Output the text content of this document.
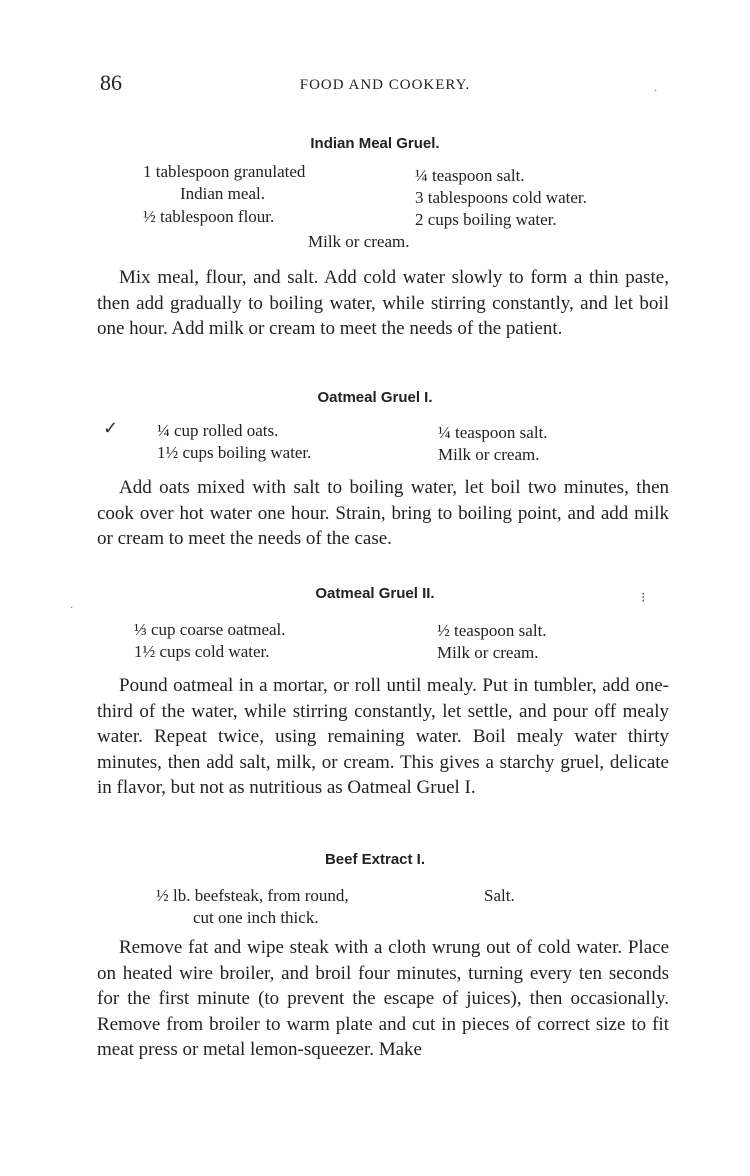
86	FOOD AND COOKERY.	·
·
Indian Meal Gruel.
1 tablespoon granulated
Indian meal.
½ tablespoon flour.
¼ teaspoon salt.
3 tablespoons cold water.
2 cups boiling water.
Milk or cream.

Mix meal, flour, and salt. Add cold water slowly to form a thin paste, then add gradually to boiling water, while stirring constantly, and let boil one hour. Add milk or cream to meet the needs of the patient.

Oatmeal Gruel I.
✓ ¼ cup rolled oats.
1½ cups boiling water.
¼ teaspoon salt.
Milk or cream.

Add oats mixed with salt to boiling water, let boil two minutes, then cook over hot water one hour. Strain, bring to boiling point, and add milk or cream to meet the needs of the case.

Oatmeal Gruel II.	⁝
⅓ cup coarse oatmeal.
1½ cups cold water.
½ teaspoon salt.
Milk or cream.

Pound oatmeal in a mortar, or roll until mealy. Put in tumbler, add one-third of the water, while stirring constantly, let settle, and pour off mealy water. Repeat twice, using remaining water. Boil mealy water thirty minutes, then add salt, milk, or cream. This gives a starchy gruel, delicate in flavor, but not as nutritious as Oatmeal Gruel I.

Beef Extract I.
½ lb. beefsteak, from round,
cut one inch thick.
Salt.

Remove fat and wipe steak with a cloth wrung out of cold water. Place on heated wire broiler, and broil four minutes, turning every ten seconds for the first minute (to prevent the escape of juices), then occasionally. Remove from broiler to warm plate and cut in pieces of correct size to fit meat press or metal lemon-squeezer. Make
